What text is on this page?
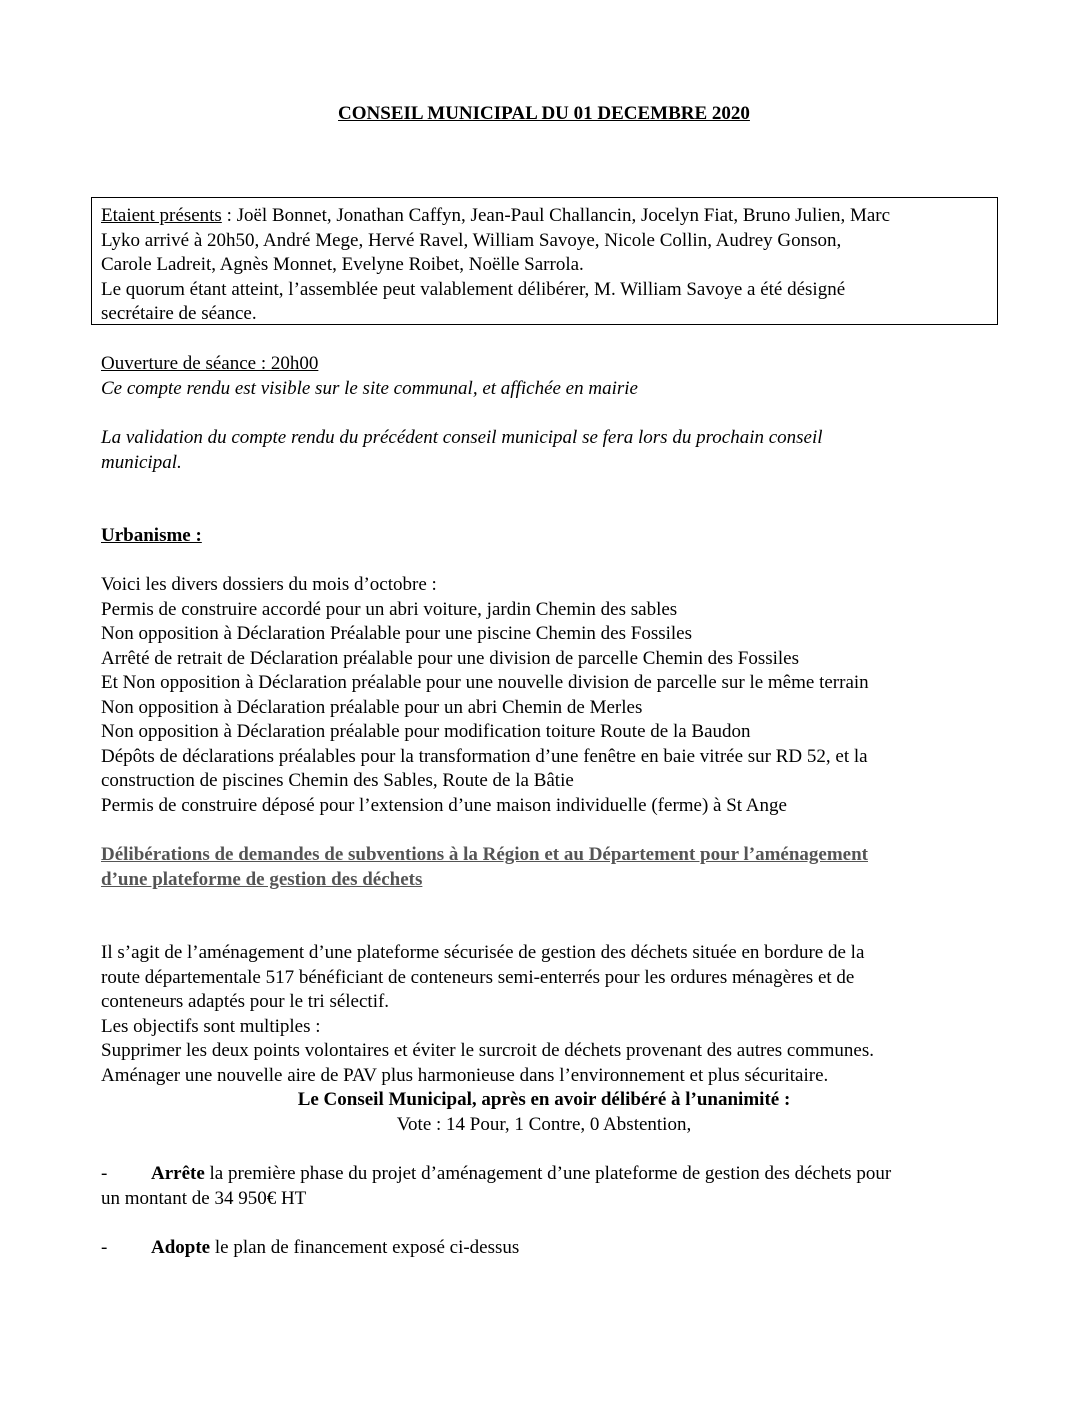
CONSEIL MUNICIPAL DU 01 DECEMBRE 2020

Etaient présents : Joël Bonnet, Jonathan Caffyn, Jean-Paul Challancin, Jocelyn Fiat, Bruno Julien, Marc

Lyko arrivé à 20h50, André Mege, Hervé Ravel, William Savoye, Nicole Collin, Audrey Gonson,

Carole Ladreit, Agnès Monnet, Evelyne Roibet, Noëlle Sarrola.

Le quorum étant atteint, l’assemblée peut valablement délibérer, M. William Savoye a été désigné

secrétaire de séance.

Ouverture de séance : 20h00

Ce compte rendu est visible sur le site communal, et affichée en mairie

La validation du compte rendu du précédent conseil municipal se fera lors du prochain conseil

municipal.

Urbanisme :

Voici les divers dossiers du mois d’octobre :

Permis de construire accordé pour un abri voiture, jardin Chemin des sables

Non opposition à Déclaration Préalable pour une piscine Chemin des Fossiles

Arrêté de retrait de Déclaration préalable pour une division de parcelle Chemin des Fossiles

Et Non opposition à Déclaration préalable pour une nouvelle division de parcelle sur le même terrain

Non opposition à Déclaration préalable pour un abri Chemin de Merles

Non opposition à Déclaration préalable pour modification toiture Route de la Baudon

Dépôts de déclarations préalables pour la transformation d’une fenêtre en baie vitrée sur RD 52, et la

construction de piscines Chemin des Sables, Route de la Bâtie

Permis de construire déposé pour l’extension d’une maison individuelle (ferme) à St Ange

Délibérations de demandes de subventions à la Région et au Département pour l’aménagement
d’une plateforme de gestion des déchets

Il s’agit de l’aménagement d’une plateforme sécurisée de gestion des déchets située en bordure de la

route départementale 517 bénéficiant de conteneurs semi-enterrés pour les ordures ménagères et de

conteneurs adaptés pour le tri sélectif.

Les objectifs sont multiples :

Supprimer les deux points volontaires et éviter le surcroit de déchets provenant des autres communes.

Aménager une nouvelle aire de PAV plus harmonieuse dans l’environnement et plus sécuritaire.

Le Conseil Municipal, après en avoir délibéré à l’unanimité :

Vote : 14 Pour, 1 Contre, 0 Abstention,

- Arrête la première phase du projet d’aménagement d’une plateforme de gestion des déchets pour
un montant de 34 950€ HT
- Adopte le plan de financement exposé ci-dessus
